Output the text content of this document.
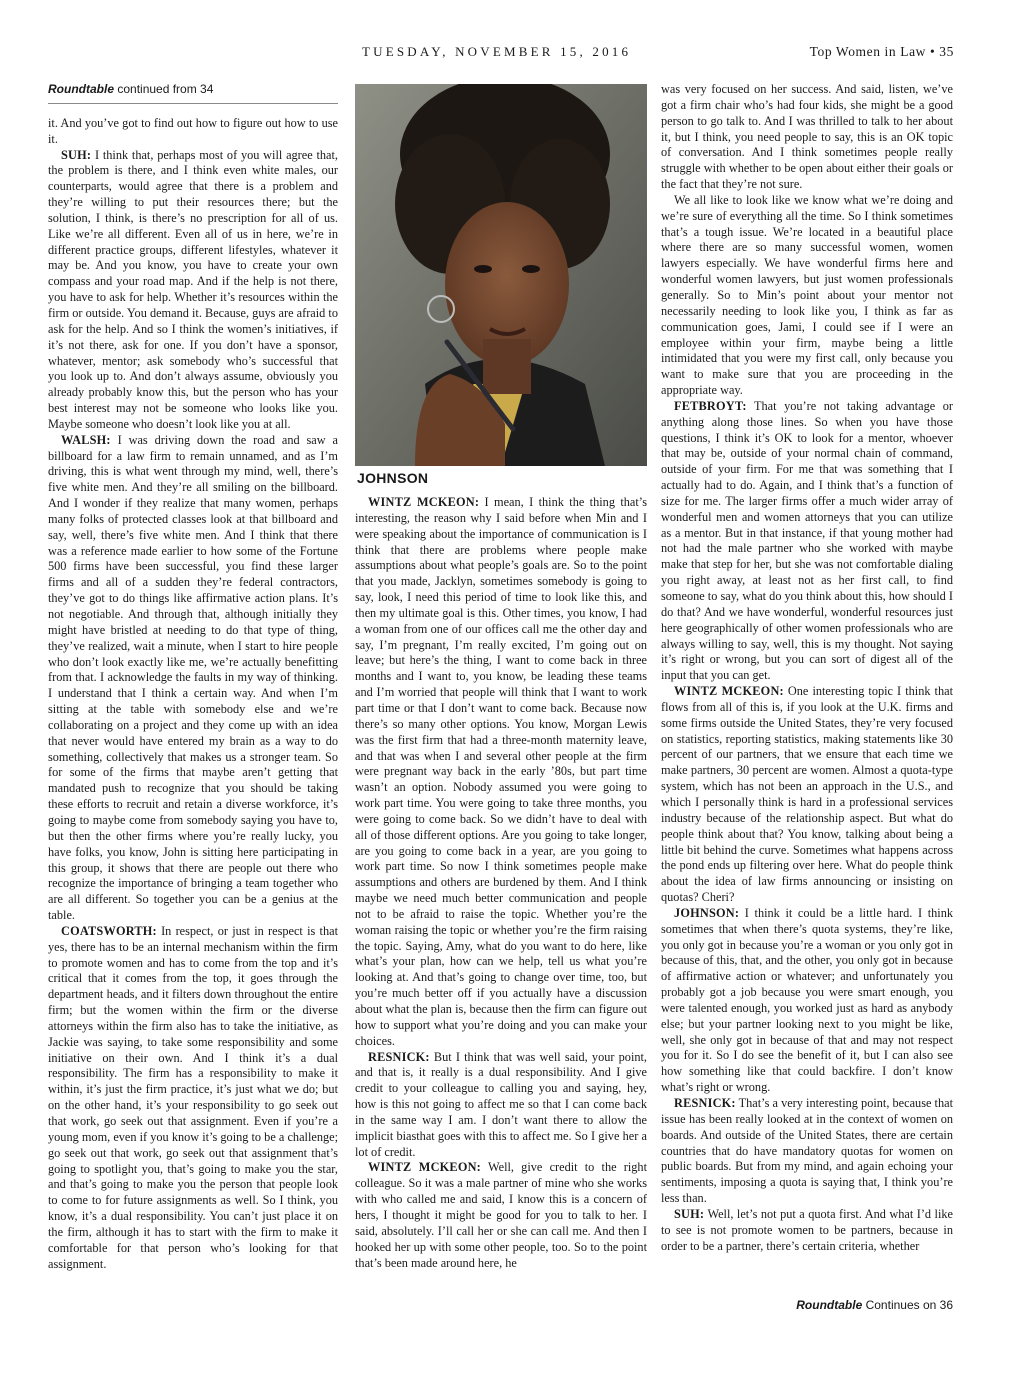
TUESDAY, NOVEMBER 15, 2016	Top Women in Law • 35
Roundtable continued from 34

it. And you’ve got to find out how to figure out how to use it.

SUH: I think that, perhaps most of you will agree that, the problem is there, and I think even white males, our counterparts, would agree that there is a problem and they’re willing to put their resources there; but the solution, I think, is there’s no prescription for all of us. Like we’re all different. Even all of us in here, we’re in different practice groups, different lifestyles, whatever it may be. And you know, you have to create your own compass and your road map. And if the help is not there, you have to ask for help. Whether it’s resources within the firm or outside. You demand it. Because, guys are afraid to ask for the help. And so I think the women’s initiatives, if it’s not there, ask for one. If you don’t have a sponsor, whatever, mentor; ask somebody who’s successful that you look up to. And don’t always assume, obviously you already probably know this, but the person who has your best interest may not be someone who looks like you. Maybe someone who doesn’t look like you at all.

WALSH: I was driving down the road and saw a billboard for a law firm to remain unnamed, and as I’m driving, this is what went through my mind, well, there’s five white men. And they’re all smiling on the billboard. And I wonder if they realize that many women, perhaps many folks of protected classes look at that billboard and say, well, there’s five white men. And I think that there was a reference made earlier to how some of the Fortune 500 firms have been successful, you find these larger firms and all of a sudden they’re federal contractors, they’ve got to do things like affirmative action plans. It’s not negotiable. And through that, although initially they might have bristled at needing to do that type of thing, they’ve realized, wait a minute, when I start to hire people who don’t look exactly like me, we’re actually benefitting from that. I acknowledge the faults in my way of thinking. I understand that I think a certain way. And when I’m sitting at the table with somebody else and we’re collaborating on a project and they come up with an idea that never would have entered my brain as a way to do something, collectively that makes us a stronger team. So for some of the firms that maybe aren’t getting that mandated push to recognize that you should be taking these efforts to recruit and retain a diverse workforce, it’s going to maybe come from somebody saying you have to, but then the other firms where you’re really lucky, you have folks, you know, John is sitting here participating in this group, it shows that there are people out there who recognize the importance of bringing a team together who are all different. So together you can be a genius at the table.

COATSWORTH: In respect, or just in respect is that yes, there has to be an internal mechanism within the firm to promote women and has to come from the top and it’s critical that it comes from the top, it goes through the department heads, and it filters down throughout the entire firm; but the women within the firm or the diverse attorneys within the firm also has to take the initiative, as Jackie was saying, to take some responsibility and some initiative on their own. And I think it’s a dual responsibility. The firm has a responsibility to make it within, it’s just the firm practice, it’s just what we do; but on the other hand, it’s your responsibility to go seek out that work, go seek out that assignment. Even if you’re a young mom, even if you know it’s going to be a challenge; go seek out that work, go seek out that assignment that’s going to spotlight you, that’s going to make you the star, and that’s going to make you the person that people look to come to for future assignments as well. So I think, you know, it’s a dual responsibility. You can’t just place it on the firm, although it has to start with the firm to make it comfortable for that person who’s looking for that assignment.

JOHNSON

WINTZ MCKEON: I mean, I think the thing that’s interesting, the reason why I said before when Min and I were speaking about the importance of communication is I think that there are problems where people make assumptions about what people’s goals are. So to the point that you made, Jacklyn, sometimes somebody is going to say, look, I need this period of time to look like this, and then my ultimate goal is this. Other times, you know, I had a woman from one of our offices call me the other day and say, I’m pregnant, I’m really excited, I’m going out on leave; but here’s the thing, I want to come back in three months and I want to, you know, be leading these teams and I’m worried that people will think that I want to work part time or that I don’t want to come back. Because now there’s so many other options. You know, Morgan Lewis was the first firm that had a three-month maternity leave, and that was when I and several other people at the firm were pregnant way back in the early ’80s, but part time wasn’t an option. Nobody assumed you were going to work part time. You were going to take three months, you were going to come back. So we didn’t have to deal with all of those different options. Are you going to take longer, are you going to come back in a year, are you going to work part time. So now I think sometimes people make assumptions and others are burdened by them. And I think maybe we need much better communication and people not to be afraid to raise the topic. Whether you’re the woman raising the topic or whether you’re the firm raising the topic. Saying, Amy, what do you want to do here, like what’s your plan, how can we help, tell us what you’re looking at. And that’s going to change over time, too, but you’re much better off if you actually have a discussion about what the plan is, because then the firm can figure out how to support what you’re doing and you can make your choices.

RESNICK: But I think that was well said, your point, and that is, it really is a dual responsibility. And I give credit to your colleague to calling you and saying, hey, how is this not going to affect me so that I can come back in the same way I am. I don’t want there to allow the implicit biasthat goes with this to affect me. So I give her a lot of credit.

WINTZ MCKEON: Well, give credit to the right colleague. So it was a male partner of mine who she works with who called me and said, I know this is a concern of hers, I thought it might be good for you to talk to her. I said, absolutely. I’ll call her or she can call me. And then I hooked her up with some other people, too. So to the point that’s been made around here, he

was very focused on her success. And said, listen, we’ve got a firm chair who’s had four kids, she might be a good person to go talk to. And I was thrilled to talk to her about it, but I think, you need people to say, this is an OK topic of conversation. And I think sometimes people really struggle with whether to be open about either their goals or the fact that they’re not sure.

We all like to look like we know what we’re doing and we’re sure of everything all the time. So I think sometimes that’s a tough issue. We’re located in a beautiful place where there are so many successful women, women lawyers especially. We have wonderful firms here and wonderful women lawyers, but just women professionals generally. So to Min’s point about your mentor not necessarily needing to look like you, I think as far as communication goes, Jami, I could see if I were an employee within your firm, maybe being a little intimidated that you were my first call, only because you want to make sure that you are proceeding in the appropriate way.

FETBROYT: That you’re not taking advantage or anything along those lines. So when you have those questions, I think it’s OK to look for a mentor, whoever that may be, outside of your normal chain of command, outside of your firm. For me that was something that I actually had to do. Again, and I think that’s a function of size for me. The larger firms offer a much wider array of wonderful men and women attorneys that you can utilize as a mentor. But in that instance, if that young mother had not had the male partner who she worked with maybe make that step for her, but she was not comfortable dialing you right away, at least not as her first call, to find someone to say, what do you think about this, how should I do that? And we have wonderful, wonderful resources just here geographically of other women professionals who are always willing to say, well, this is my thought. Not saying it’s right or wrong, but you can sort of digest all of the input that you can get.

WINTZ MCKEON: One interesting topic I think that flows from all of this is, if you look at the U.K. firms and some firms outside the United States, they’re very focused on statistics, reporting statistics, making statements like 30 percent of our partners, that we ensure that each time we make partners, 30 percent are women. Almost a quota-type system, which has not been an approach in the U.S., and which I personally think is hard in a professional services industry because of the relationship aspect. But what do people think about that? You know, talking about being a little bit behind the curve. Sometimes what happens across the pond ends up filtering over here. What do people think about the idea of law firms announcing or insisting on quotas? Cheri?

JOHNSON: I think it could be a little hard. I think sometimes that when there’s quota systems, they’re like, you only got in because you’re a woman or you only got in because of this, that, and the other, you only got in because of affirmative action or whatever; and unfortunately you probably got a job because you were smart enough, you were talented enough, you worked just as hard as anybody else; but your partner looking next to you might be like, well, she only got in because of that and may not respect you for it. So I do see the benefit of it, but I can also see how something like that could backfire. I don’t know what’s right or wrong.

RESNICK: That’s a very interesting point, because that issue has been really looked at in the context of women on boards. And outside of the United States, there are certain countries that do have mandatory quotas for women on public boards. But from my mind, and again echoing your sentiments, imposing a quota is saying that, I think you’re less than.

SUH: Well, let’s not put a quota first. And what I’d like to see is not promote women to be partners, because in order to be a partner, there’s certain criteria, whether

Roundtable Continues on 36
